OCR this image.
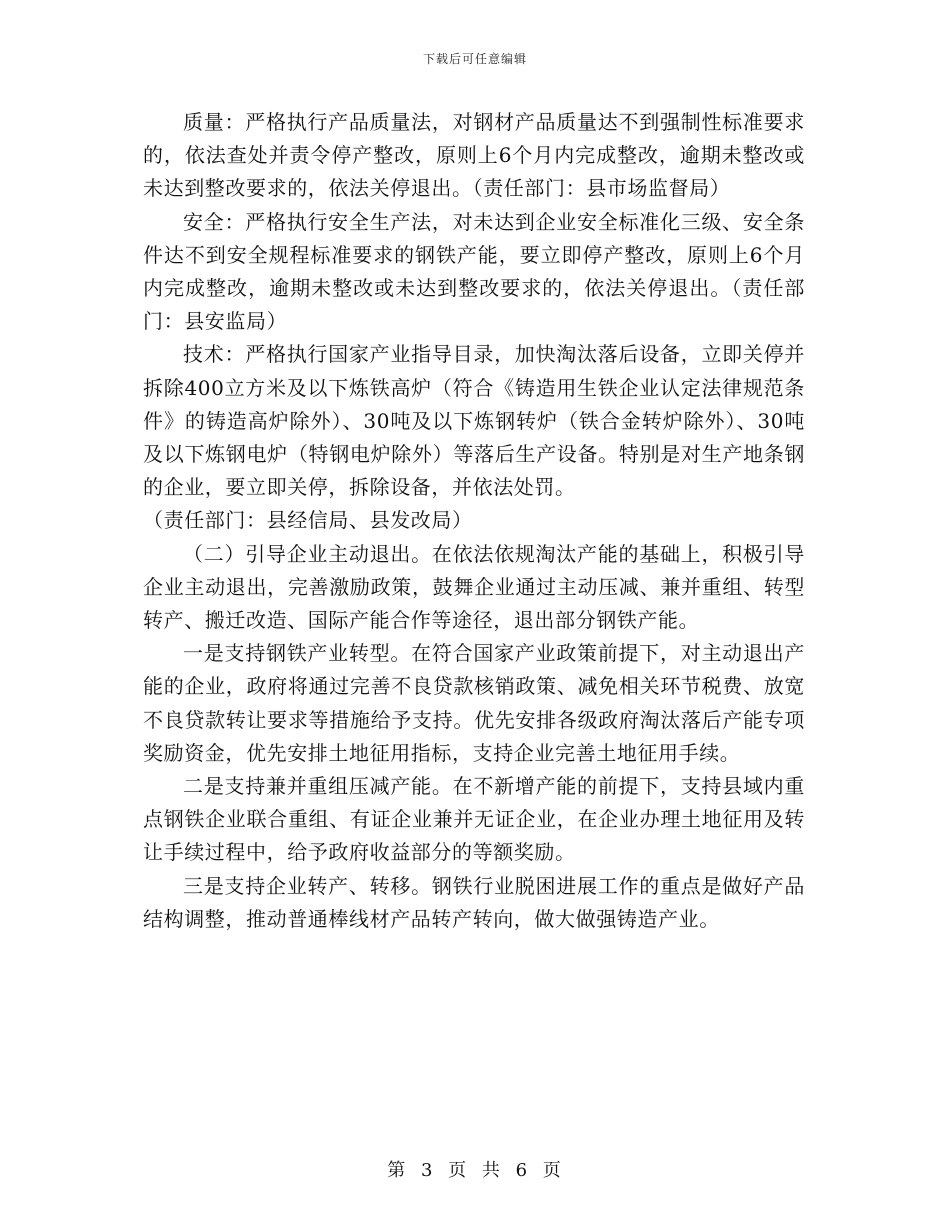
下载后可任意编辑

质量：严格执行产品质量法，对钢材产品质量达不到强制性标准要求的，依法查处并责令停产整改，原则上6个月内完成整改，逾期未整改或未达到整改要求的，依法关停退出。（责任部门：县市场监督局）

安全：严格执行安全生产法，对未达到企业安全标准化三级、安全条件达不到安全规程标准要求的钢铁产能，要立即停产整改，原则上6个月内完成整改，逾期未整改或未达到整改要求的，依法关停退出。（责任部门：县安监局）

技术：严格执行国家产业指导目录，加快淘汰落后设备，立即关停并拆除400立方米及以下炼铁高炉（符合《铸造用生铁企业认定法律规范条件》的铸造高炉除外）、30吨及以下炼钢转炉（铁合金转炉除外）、30吨及以下炼钢电炉（特钢电炉除外）等落后生产设备。特别是对生产地条钢的企业，要立即关停，拆除设备，并依法处罚。

（责任部门：县经信局、县发改局）

（二）引导企业主动退出。在依法依规淘汰产能的基础上，积极引导企业主动退出，完善激励政策，鼓舞企业通过主动压减、兼并重组、转型转产、搬迁改造、国际产能合作等途径，退出部分钢铁产能。

一是支持钢铁产业转型。在符合国家产业政策前提下，对主动退出产能的企业，政府将通过完善不良贷款核销政策、减免相关环节税费、放宽不良贷款转让要求等措施给予支持。优先安排各级政府淘汰落后产能专项奖励资金，优先安排土地征用指标，支持企业完善土地征用手续。

二是支持兼并重组压减产能。在不新增产能的前提下，支持县域内重点钢铁企业联合重组、有证企业兼并无证企业，在企业办理土地征用及转让手续过程中，给予政府收益部分的等额奖励。

三是支持企业转产、转移。钢铁行业脱困进展工作的重点是做好产品结构调整，推动普通棒线材产品转产转向，做大做强铸造产业。

第 3 页 共 6 页
